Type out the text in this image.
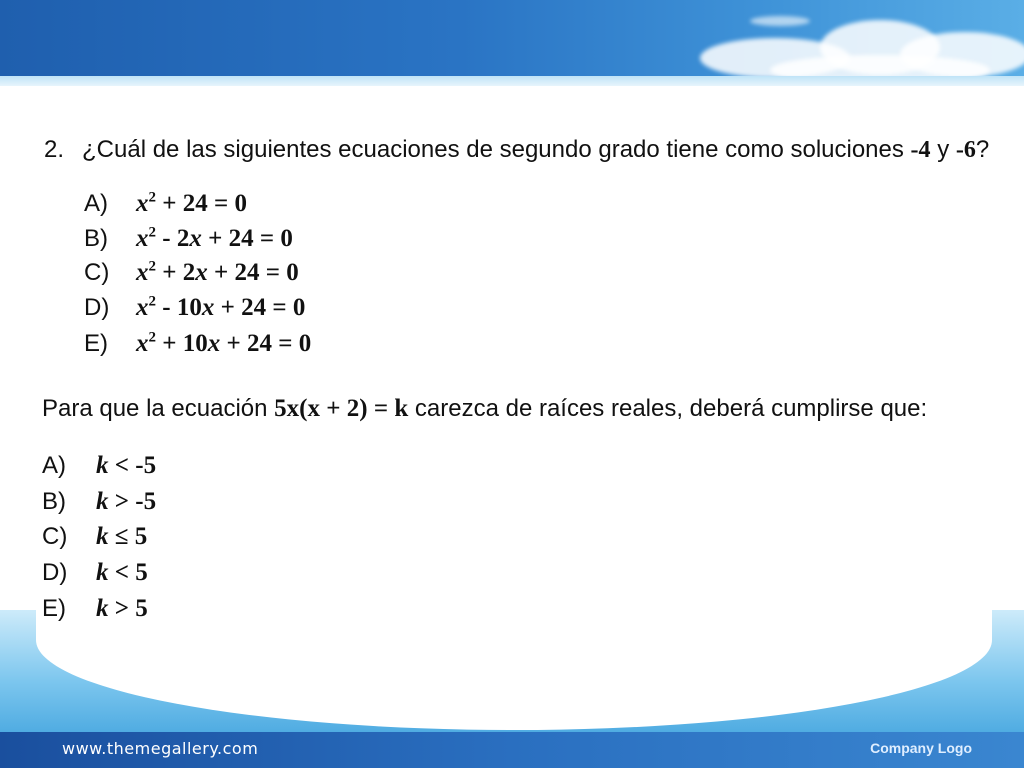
www.themegallery.com	Company Logo
2. ¿Cuál de las siguientes ecuaciones de segundo grado tiene como soluciones -4 y -6?
A) $x^2 + 24 = 0$
B) $x^2 - 2x + 24 = 0$
C) $x^2 + 2x + 24 = 0$
D) $x^2 - 10x + 24 = 0$
E) $x^2 + 10x + 24 = 0$
Para que la ecuación 5x(x + 2) = k carezca de raíces reales, deberá cumplirse que:
A) k < -5
B) k > -5
C) k ≤ 5
D) k < 5
E) k > 5
